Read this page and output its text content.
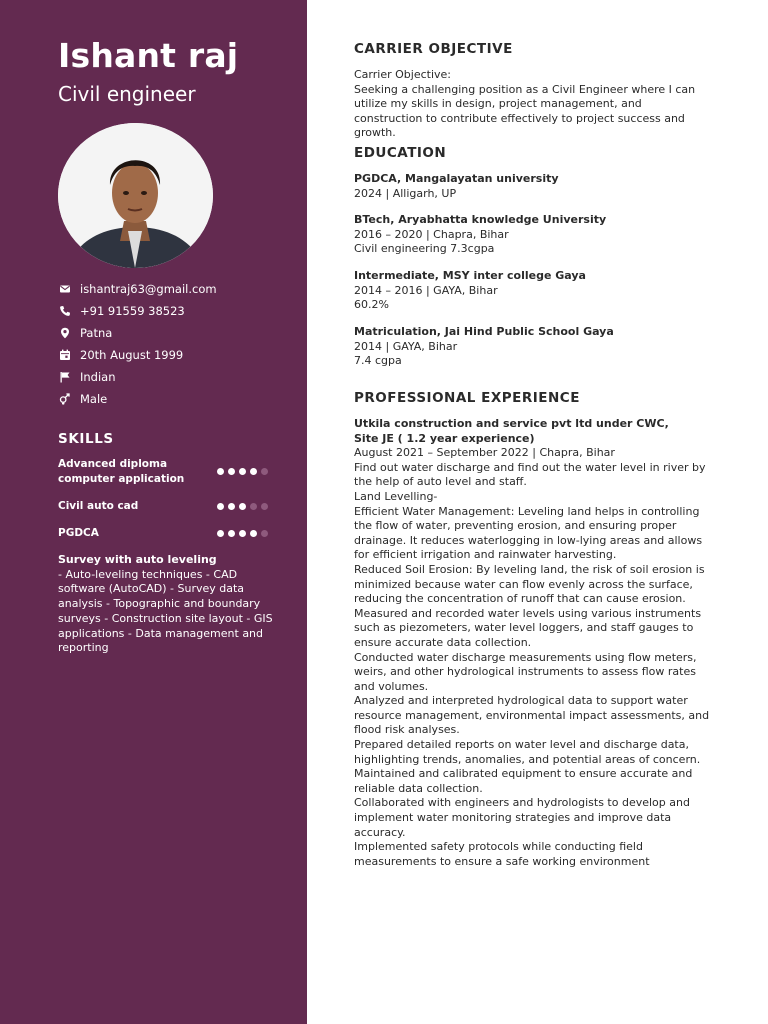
Ishant raj
Civil engineer
ishantraj63@gmail.com
+91 91559 38523
Patna
20th August 1999
Indian
Male
SKILLS
Advanced diploma computer application
Civil auto cad
PGDCA
Survey with auto leveling
- Auto-leveling techniques - CAD software (AutoCAD) - Survey data analysis - Topographic and boundary surveys - Construction site layout - GIS applications - Data management and reporting
CARRIER OBJECTIVE
Carrier Objective:
Seeking a challenging position as a Civil Engineer where I can utilize my skills in design, project management, and construction to contribute effectively to project success and growth.
EDUCATION
PGDCA, Mangalayatan university
2024 | Alligarh, UP
BTech, Aryabhatta knowledge University
2016 – 2020 | Chapra, Bihar
Civil engineering 7.3cgpa
Intermediate, MSY inter college Gaya
2014 – 2016 | GAYA, Bihar
60.2%
Matriculation, Jai Hind Public School Gaya
2014 | GAYA, Bihar
7.4 cgpa
PROFESSIONAL EXPERIENCE
Utkila construction and service pvt ltd under CWC,
Site JE ( 1.2 year experience)
August 2021 – September 2022 | Chapra, Bihar
Find out water discharge and find out the water level in river by the help of auto level and staff.
Land Levelling-
Efficient Water Management: Leveling land helps in controlling the flow of water, preventing erosion, and ensuring proper drainage. It reduces waterlogging in low-lying areas and allows for efficient irrigation and rainwater harvesting.
Reduced Soil Erosion: By leveling land, the risk of soil erosion is minimized because water can flow evenly across the surface, reducing the concentration of runoff that can cause erosion.
Measured and recorded water levels using various instruments such as piezometers, water level loggers, and staff gauges to ensure accurate data collection.
Conducted water discharge measurements using flow meters, weirs, and other hydrological instruments to assess flow rates and volumes.
Analyzed and interpreted hydrological data to support water resource management, environmental impact assessments, and flood risk analyses.
Prepared detailed reports on water level and discharge data, highlighting trends, anomalies, and potential areas of concern.
Maintained and calibrated equipment to ensure accurate and reliable data collection.
Collaborated with engineers and hydrologists to develop and implement water monitoring strategies and improve data accuracy.
Implemented safety protocols while conducting field measurements to ensure a safe working environment
